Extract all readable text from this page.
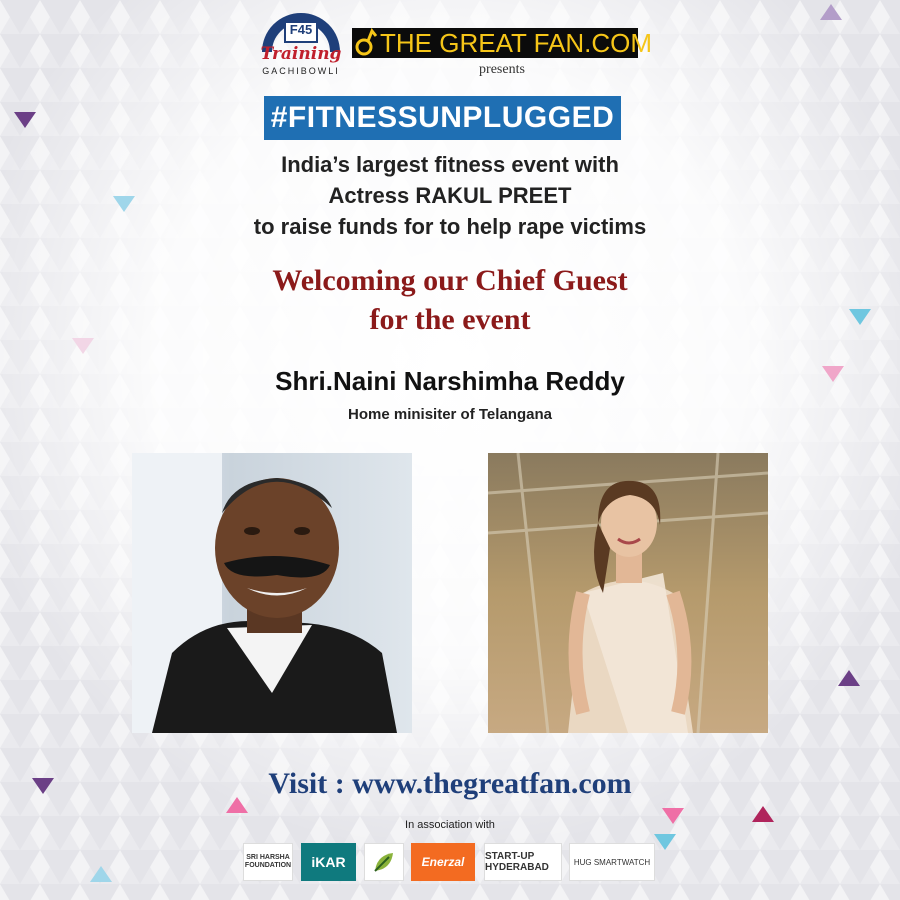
F45
Training
GACHIBOWLI
THE GREAT FAN.COM
presents
#FITNESSUNPLUGGED
India’s largest fitness event with
Actress RAKUL PREET
to raise funds for to help rape victims
Welcoming our Chief Guest
for the event
Shri.Naini Narshimha Reddy
Home minisiter of Telangana
Visit : www.thegreatfan.com
In association with
SRI HARSHA FOUNDATION	iKAR	Enerzal	START-UP HYDERABAD	HUG SMARTWATCH
